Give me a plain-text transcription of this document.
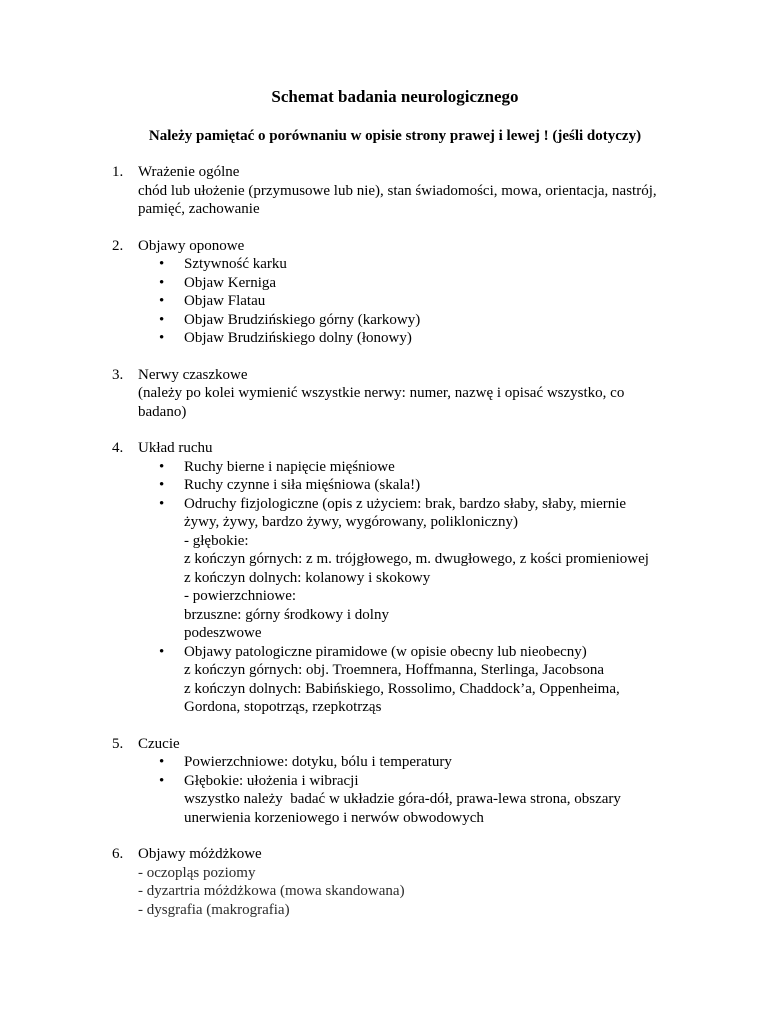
Schemat badania neurologicznego
Należy pamiętać o porównaniu w opisie strony prawej i lewej ! (jeśli dotyczy)
1. Wrażenie ogólne
chód lub ułożenie (przymusowe lub nie), stan świadomości, mowa, orientacja, nastrój,
pamięć, zachowanie
2. Objawy oponowe
• Sztywność karku
• Objaw Kerniga
• Objaw Flatau
• Objaw Brudzińskiego górny (karkowy)
• Objaw Brudzińskiego dolny (łonowy)
3. Nerwy czaszkowe
(należy po kolei wymienić wszystkie nerwy: numer, nazwę i opisać wszystko, co
badano)
4. Układ ruchu
• Ruchy bierne i napięcie mięśniowe
• Ruchy czynne i siła mięśniowa (skala!)
• Odruchy fizjologiczne (opis z użyciem: brak, bardzo słaby, słaby, miernie
żywy, żywy, bardzo żywy, wygórowany, polikloniczny)
- głębokie:
z kończyn górnych: z m. trójgłowego, m. dwugłowego, z kości promieniowej
z kończyn dolnych: kolanowy i skokowy
- powierzchniowe:
brzuszne: górny środkowy i dolny
podeszwowe
• Objawy patologiczne piramidowe (w opisie obecny lub nieobecny)
z kończyn górnych: obj. Troemnera, Hoffmanna, Sterlinga, Jacobsona
z kończyn dolnych: Babińskiego, Rossolimo, Chaddock’a, Oppenheima,
Gordona, stopotrząs, rzepkotrząs
5. Czucie
• Powierzchniowe: dotyku, bólu i temperatury
• Głębokie: ułożenia i wibracji
wszystko należy  badać w układzie góra-dół, prawa-lewa strona, obszary
unerwienia korzeniowego i nerwów obwodowych
6. Objawy móżdżkowe
- oczopląs poziomy
- dyzartria móżdżkowa (mowa skandowana)
- dysgrafia (makrografia)
